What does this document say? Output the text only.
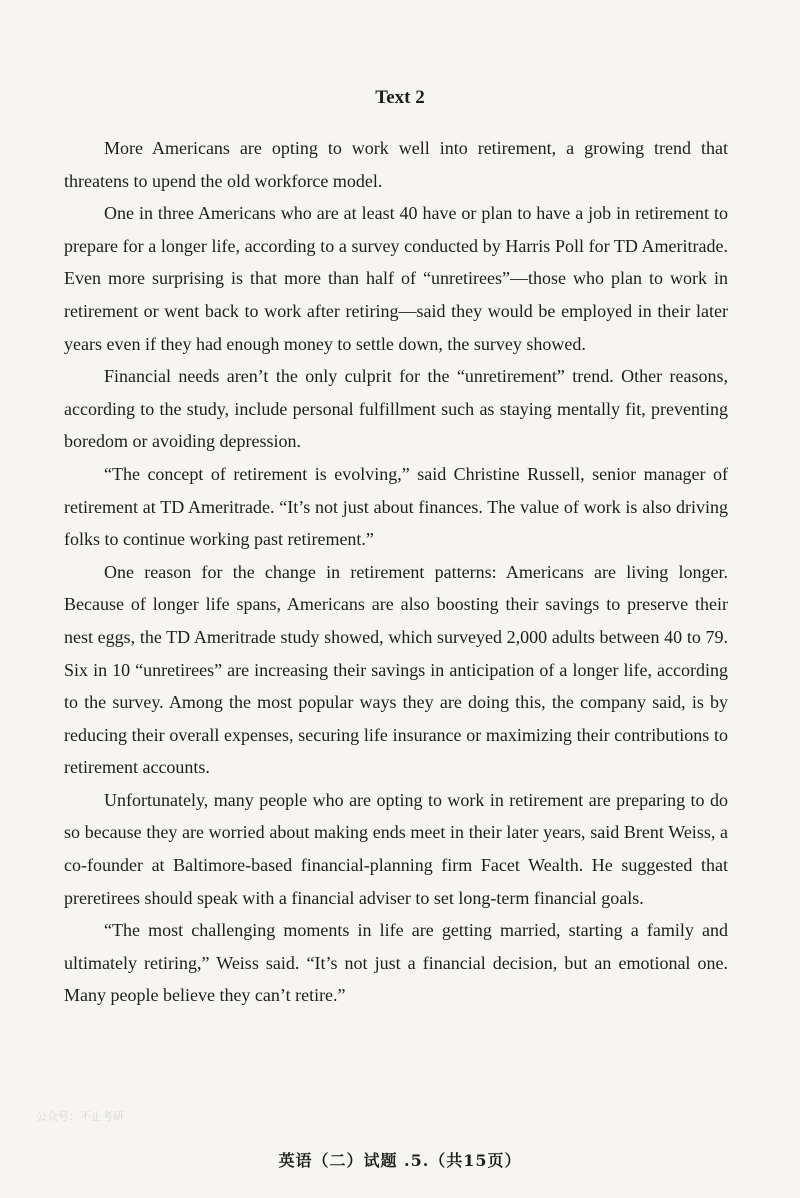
Text 2

More Americans are opting to work well into retirement, a growing trend that threatens to upend the old workforce model.

One in three Americans who are at least 40 have or plan to have a job in retirement to prepare for a longer life, according to a survey conducted by Harris Poll for TD Ameritrade. Even more surprising is that more than half of “unretirees”—those who plan to work in retirement or went back to work after retiring—said they would be employed in their later years even if they had enough money to settle down, the survey showed.

Financial needs aren’t the only culprit for the “unretirement” trend. Other reasons, according to the study, include personal fulfillment such as staying mentally fit, preventing boredom or avoiding depression.

“The concept of retirement is evolving,” said Christine Russell, senior manager of retirement at TD Ameritrade. “It’s not just about finances. The value of work is also driving folks to continue working past retirement.”

One reason for the change in retirement patterns: Americans are living longer. Because of longer life spans, Americans are also boosting their savings to preserve their nest eggs, the TD Ameritrade study showed, which surveyed 2,000 adults between 40 to 79. Six in 10 “unretirees” are increasing their savings in anticipation of a longer life, according to the survey. Among the most popular ways they are doing this, the company said, is by reducing their overall expenses, securing life insurance or maximizing their contributions to retirement accounts.

Unfortunately, many people who are opting to work in retirement are preparing to do so because they are worried about making ends meet in their later years, said Brent Weiss, a co-founder at Baltimore-based financial-planning firm Facet Wealth. He suggested that preretirees should speak with a financial adviser to set long-term financial goals.

“The most challenging moments in life are getting married, starting a family and ultimately retiring,” Weiss said. “It’s not just a financial decision, but an emotional one. Many people believe they can’t retire.”

公众号：不止考研
英语（二）试题 .5.（共15页）
